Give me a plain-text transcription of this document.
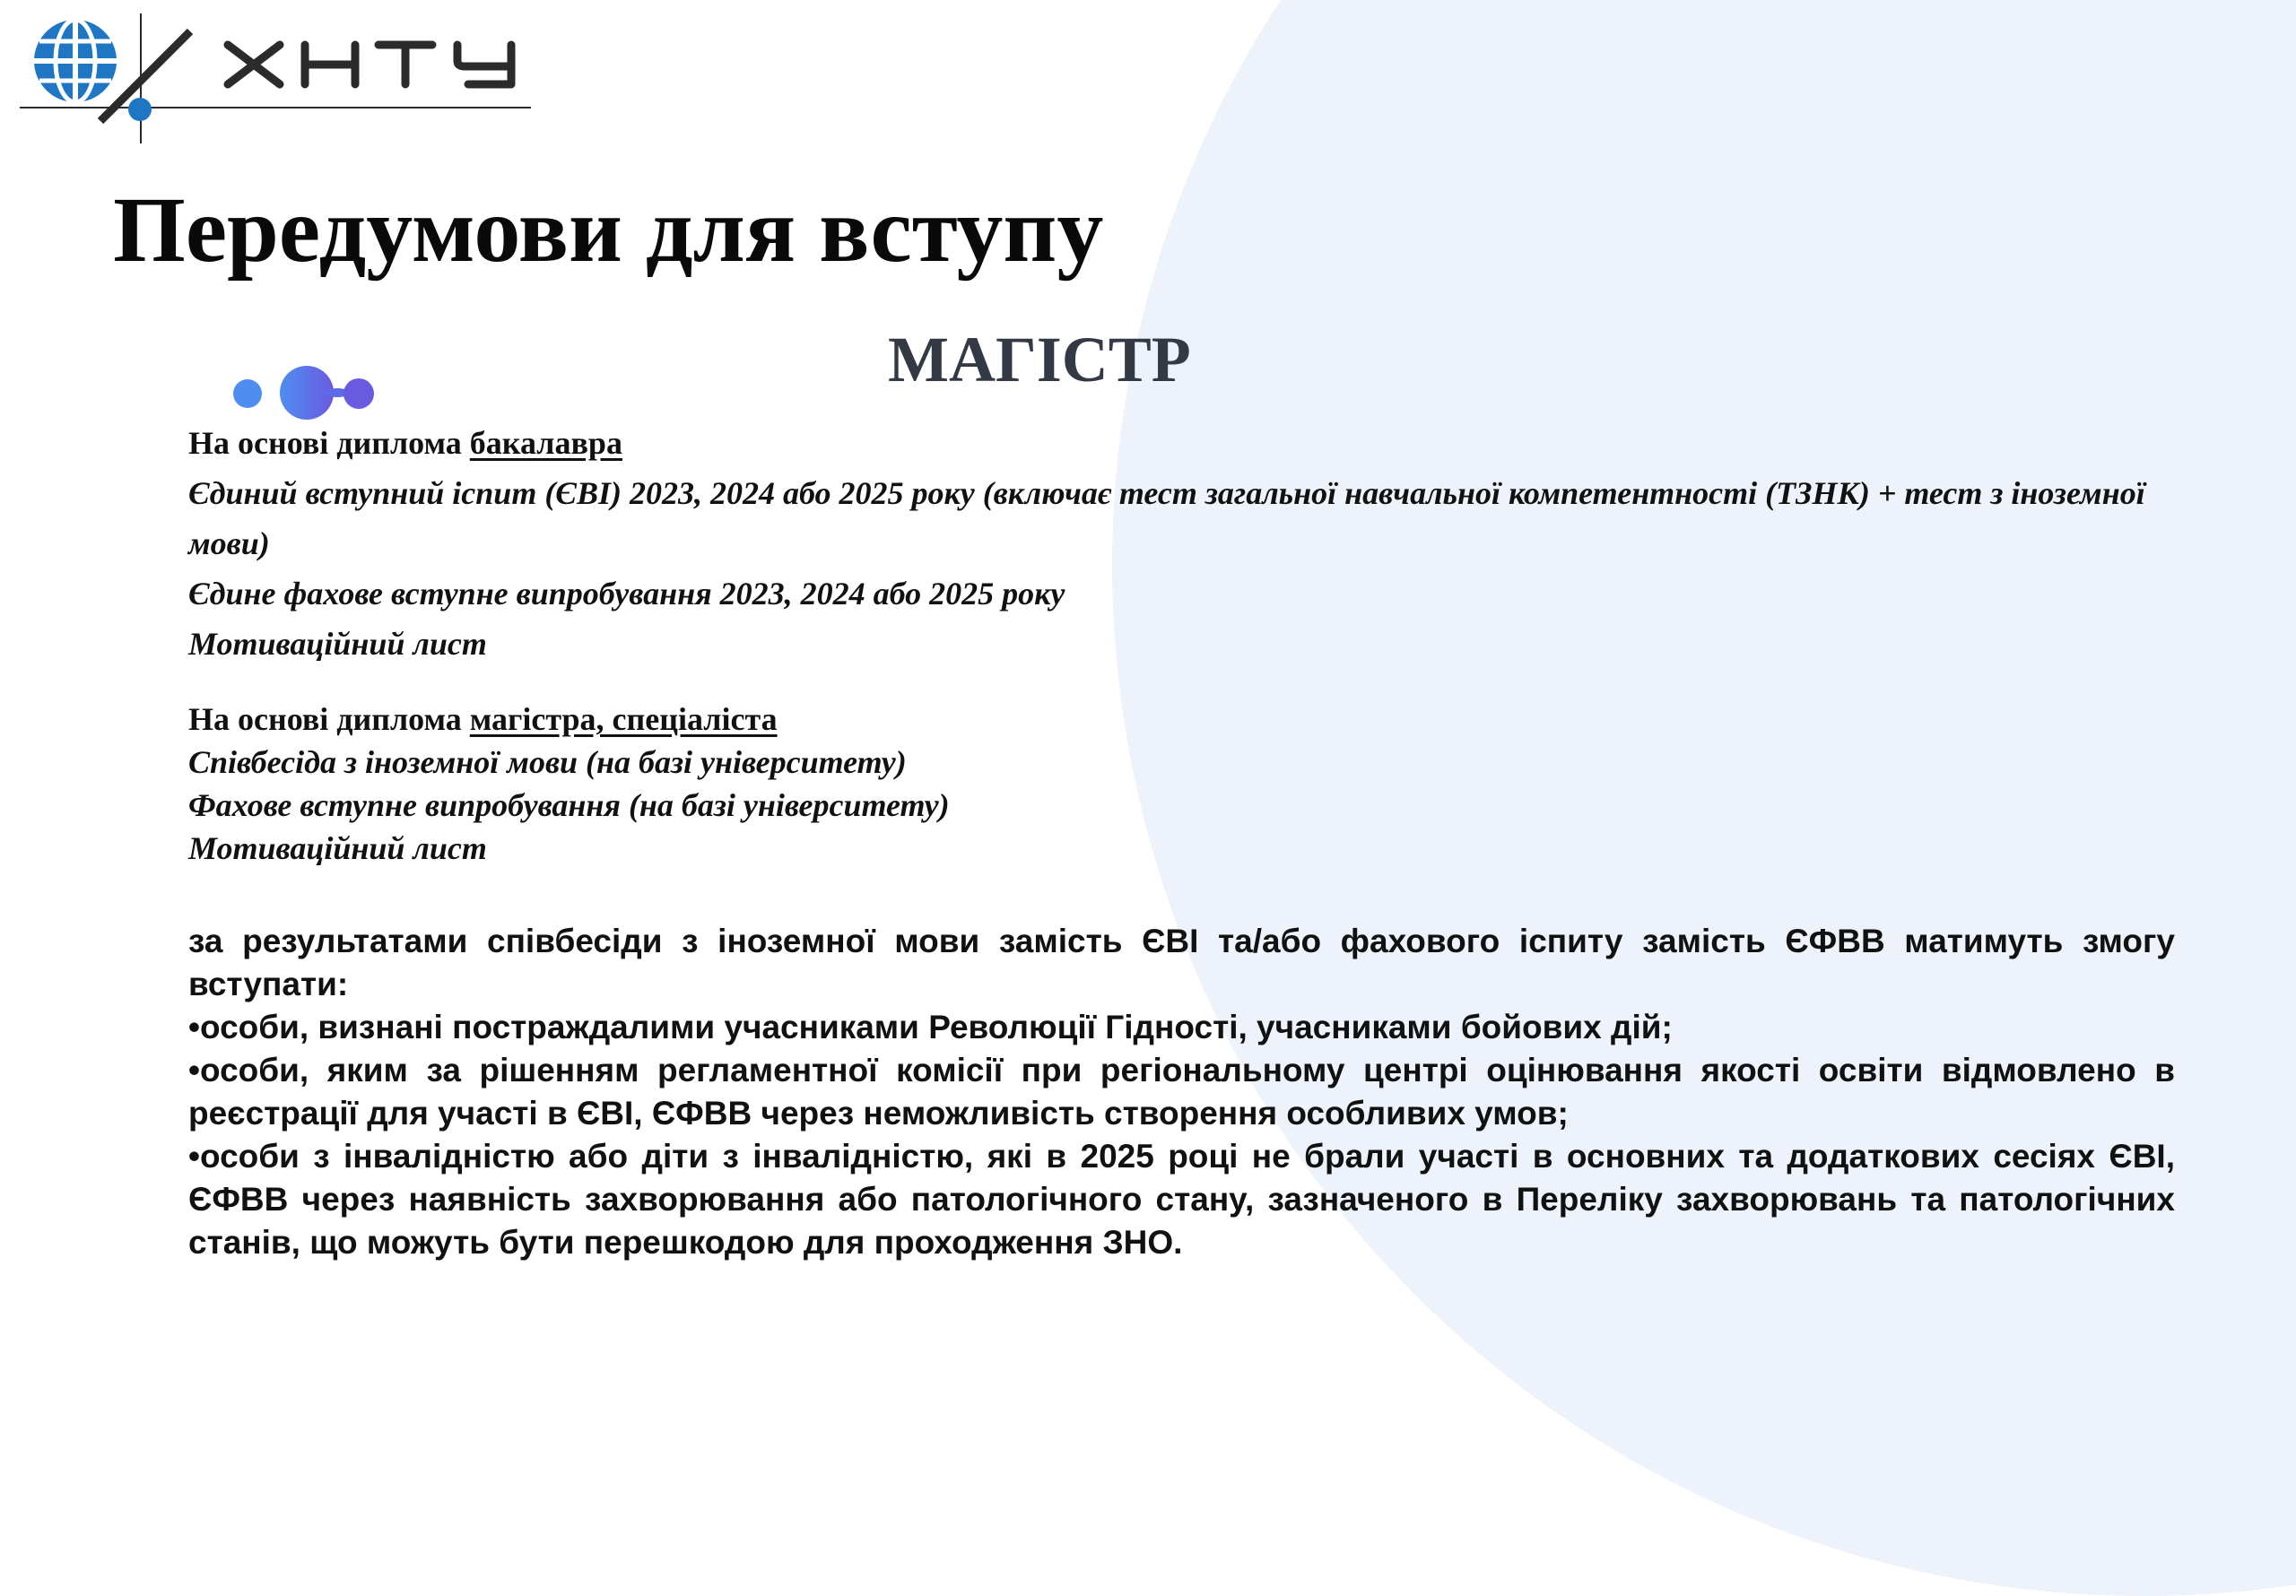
Передумови для вступу
МАГІСТР

На основі диплома бакалавра

Єдиний вступний іспит (ЄВІ) 2023, 2024 або 2025 року (включає тест загальної навчальної компетентності (ТЗНК) + тест з іноземної мови)

Єдине фахове вступне випробування 2023, 2024 або 2025 року

Мотиваційний лист

На основі диплома магістра, спеціаліста

Співбесіда з іноземної мови (на базі університету)

Фахове вступне випробування (на базі університету)

Мотиваційний лист

за результатами співбесіди з іноземної мови замість ЄВІ та/або фахового іспиту замість ЄФВВ матимуть змогу вступати:

•особи, визнані постраждалими учасниками Революції Гідності, учасниками бойових дій;

•особи, яким за рішенням регламентної комісії при регіональному центрі оцінювання якості освіти відмовлено в реєстрації для участі в ЄВІ, ЄФВВ через неможливість створення особливих умов;

•особи з інвалідністю або діти з інвалідністю, які в 2025 році не брали участі в основних та додаткових сесіях ЄВІ, ЄФВВ через наявність захворювання або патологічного стану, зазначеного в Переліку захворювань та патологічних станів, що можуть бути перешкодою для проходження ЗНО.
